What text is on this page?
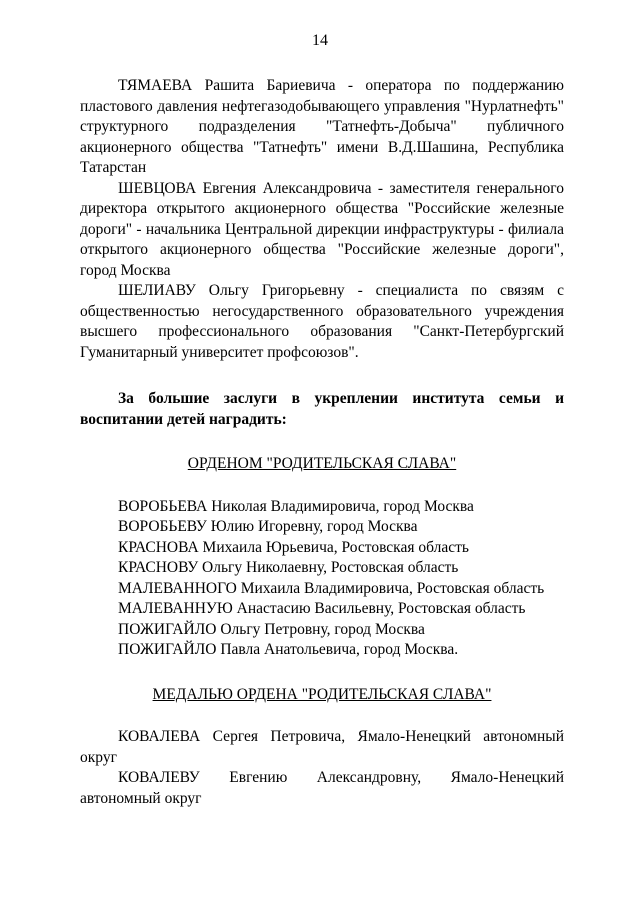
14

ТЯМАЕВА Рашита Бариевича - оператора по поддержанию пластового давления нефтегазодобывающего управления "Нурлатнефть" структурного подразделения "Татнефть-Добыча" публичного акционерного общества "Татнефть" имени В.Д.Шашина, Республика Татарстан

ШЕВЦОВА Евгения Александровича - заместителя генерального директора открытого акционерного общества "Российские железные дороги" - начальника Центральной дирекции инфраструктуры - филиала открытого акционерного общества "Российские железные дороги", город Москва

ШЕЛИАВУ Ольгу Григорьевну - специалиста по связям с общественностью негосударственного образовательного учреждения высшего профессионального образования "Санкт-Петербургский Гуманитарный университет профсоюзов".

За большие заслуги в укреплении института семьи и воспитании детей наградить:

ОРДЕНОМ "РОДИТЕЛЬСКАЯ СЛАВА"

ВОРОБЬЕВА Николая Владимировича, город Москва

ВОРОБЬЕВУ Юлию Игоревну, город Москва

КРАСНОВА Михаила Юрьевича, Ростовская область

КРАСНОВУ Ольгу Николаевну, Ростовская область

МАЛЕВАННОГО Михаила Владимировича, Ростовская область

МАЛЕВАННУЮ Анастасию Васильевну, Ростовская область

ПОЖИГАЙЛО Ольгу Петровну, город Москва

ПОЖИГАЙЛО Павла Анатольевича, город Москва.

МЕДАЛЬЮ ОРДЕНА "РОДИТЕЛЬСКАЯ СЛАВА"

КОВАЛЕВА Сергея Петровича, Ямало-Ненецкий автономный округ

КОВАЛЕВУ Евгению Александровну, Ямало-Ненецкий автономный округ
